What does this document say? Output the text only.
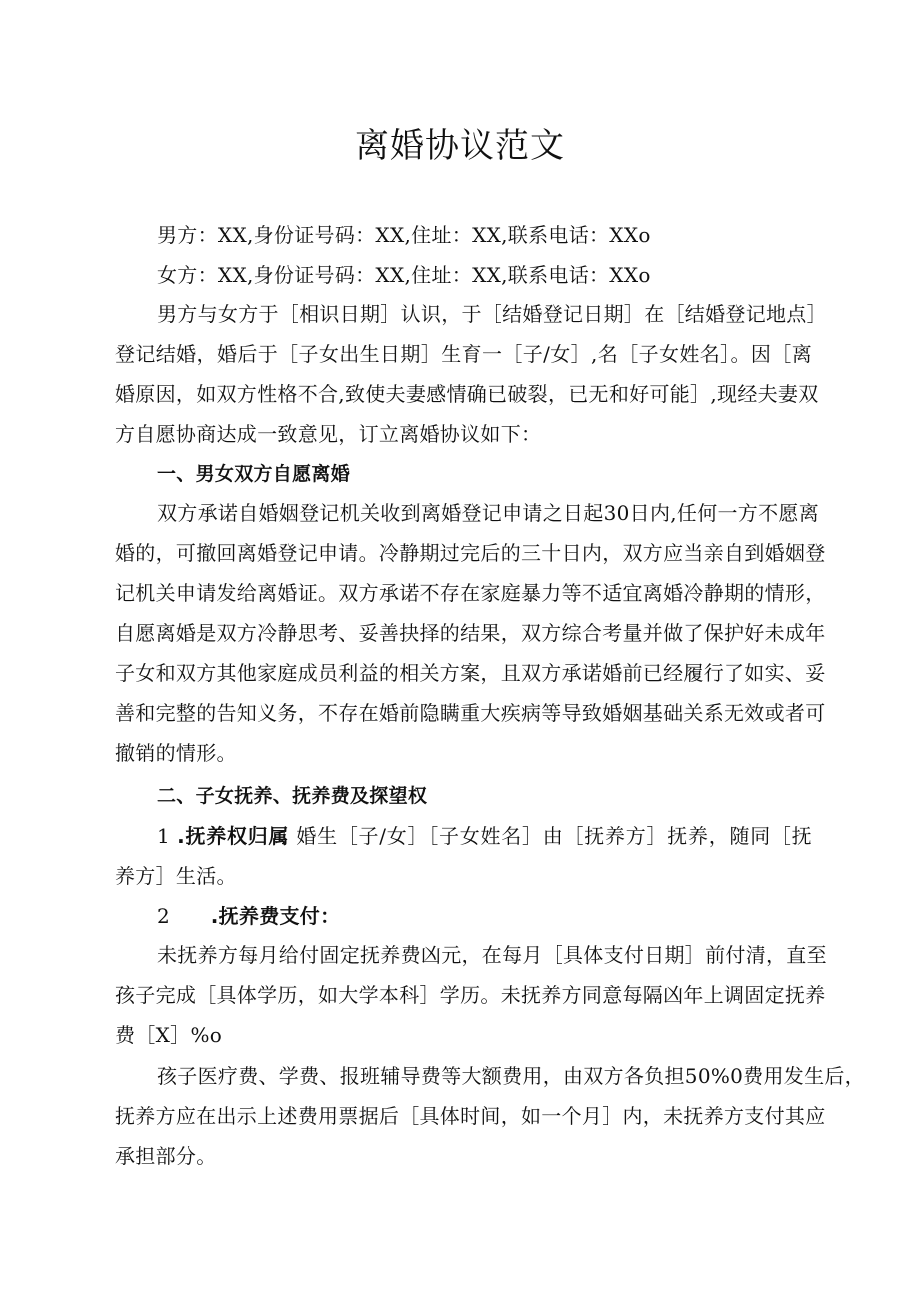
离婚协议范文
男方：XX,身份证号码：XX,住址：XX,联系电话：XXo
女方：XX,身份证号码：XX,住址：XX,联系电话：XXo
男方与女方于［相识日期］认识，于［结婚登记日期］在［结婚登记地点］
登记结婚，婚后于［子女出生日期］生育一［子/女］,名［子女姓名］。因［离
婚原因，如双方性格不合,致使夫妻感情确已破裂，已无和好可能］,现经夫妻双
方自愿协商达成一致意见，订立离婚协议如下：
一、男女双方自愿离婚
双方承诺自婚姻登记机关收到离婚登记申请之日起30日内,任何一方不愿离
婚的，可撤回离婚登记申请。冷静期过完后的三十日内，双方应当亲自到婚姻登
记机关申请发给离婚证。双方承诺不存在家庭暴力等不适宜离婚冷静期的情形，
自愿离婚是双方冷静思考、妥善抉择的结果，双方综合考量并做了保护好未成年
子女和双方其他家庭成员利益的相关方案，且双方承诺婚前已经履行了如实、妥
善和完整的告知义务，不存在婚前隐瞒重大疾病等导致婚姻基础关系无效或者可
撤销的情形。
二、子女抚养、抚养费及探望权
1 .抚养权归属 婚生［子/女］［子女姓名］由［抚养方］抚养，随同［抚
养方］生活。
2 .抚养费支付：
未抚养方每月给付固定抚养费凶元，在每月［具体支付日期］前付清，直至
孩子完成［具体学历，如大学本科］学历。未抚养方同意每隔凶年上调固定抚养
费［X］%o
孩子医疗费、学费、报班辅导费等大额费用，由双方各负担50%0费用发生后，
抚养方应在出示上述费用票据后［具体时间，如一个月］内，未抚养方支付其应
承担部分。
